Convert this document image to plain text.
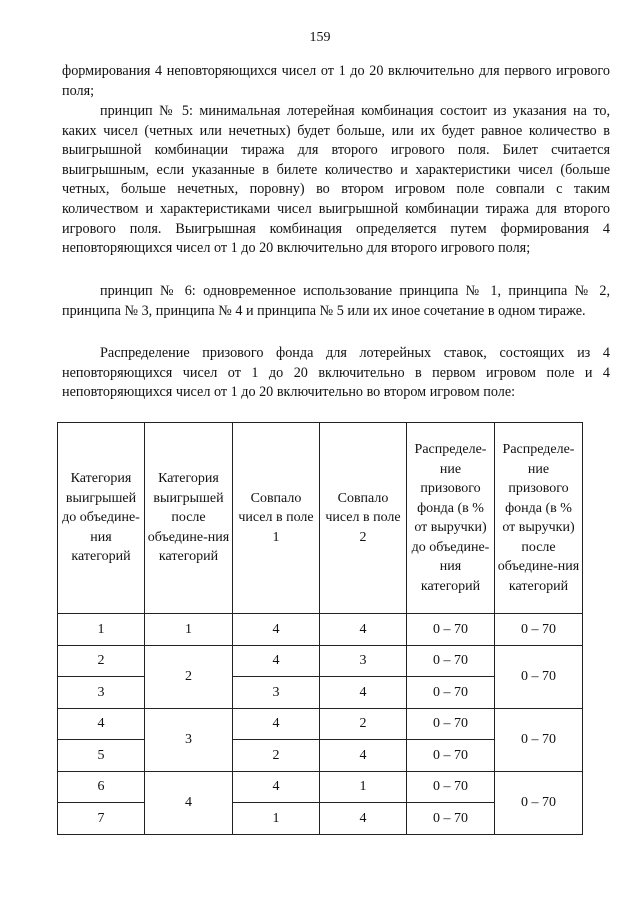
159

формирования 4 неповторяющихся чисел от 1 до 20 включительно для первого игрового поля;

принцип № 5: минимальная лотерейная комбинация состоит из указания на то, каких чисел (четных или нечетных) будет больше, или их будет равное количество в выигрышной комбинации тиража для второго игрового поля. Билет считается выигрышным, если указанные в билете количество и характеристики чисел (больше четных, больше нечетных, поровну) во втором игровом поле совпали с таким количеством и характеристиками чисел выигрышной комбинации тиража для второго игрового поля. Выигрышная комбинация определяется путем формирования 4 неповторяющихся чисел от 1 до 20 включительно для второго игрового поля;

принцип № 6: одновременное использование принципа № 1, принципа № 2, принципа № 3, принципа № 4 и принципа № 5 или их иное сочетание в одном тираже.

Распределение призового фонда для лотерейных ставок, состоящих из 4 неповторяющихся чисел от 1 до 20 включительно в первом игровом поле и 4 неповторяющихся чисел от 1 до 20 включительно во втором игровом поле:

Категория выигрышей до объедине-ния категорий	Категория выигрышей после объедине-ния категорий	Совпало чисел в поле 1	Совпало чисел в поле 2	Распределе-ние призового фонда (в % от выручки) до объедине-ния категорий	Распределе-ние призового фонда (в % от выручки) после объедине-ния категорий
1	1	4	4	0 – 70	0 – 70
2	2	4	3	0 – 70	0 – 70
3		3	4	0 – 70	
4	3	4	2	0 – 70	0 – 70
5		2	4	0 – 70	
6	4	4	1	0 – 70	0 – 70
7		1	4	0 – 70	
